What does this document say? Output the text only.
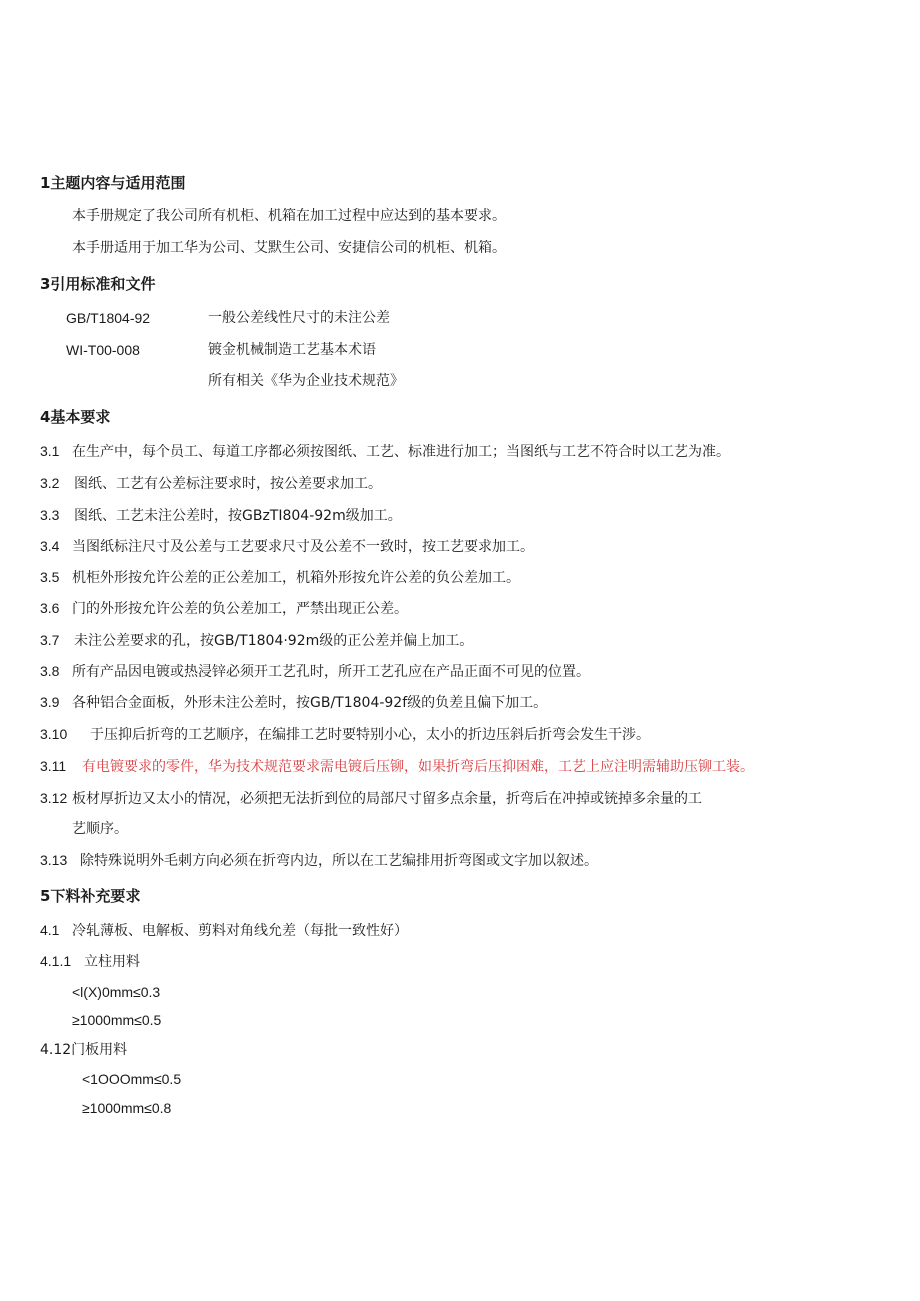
1主题内容与适用范围
本手册规定了我公司所有机柜、机箱在加工过程中应达到的基本要求。
本手册适用于加工华为公司、艾默生公司、安捷信公司的机柜、机箱。
3引用标准和文件
GB/T1804-92	一般公差线性尺寸的未注公差
WI-T00-008	镀金机械制造工艺基本术语
所有相关《华为企业技术规范》
4基本要求
3.1 在生产中，每个员工、每道工序都必须按图纸、工艺、标准进行加工；当图纸与工艺不符合时以工艺为准。
3.2 图纸、工艺有公差标注要求时，按公差要求加工。
3.3 图纸、工艺未注公差时，按GBzTI804-92m级加工。
3.4 当图纸标注尺寸及公差与工艺要求尺寸及公差不一致时，按工艺要求加工。
3.5 机柜外形按允许公差的正公差加工，机箱外形按允许公差的负公差加工。
3.6 门的外形按允许公差的负公差加工，严禁出现正公差。
3.7 未注公差要求的孔，按GB/T1804·92m级的正公差并偏上加工。
3.8 所有产品因电镀或热浸锌必须开工艺孔时，所开工艺孔应在产品正面不可见的位置。
3.9 各种铝合金面板，外形未注公差时，按GB/T1804-92f级的负差且偏下加工。
3.10 于压抑后折弯的工艺顺序，在编排工艺时要特别小心，太小的折边压斜后折弯会发生干涉。
3.11 有电镀要求的零件，华为技术规范要求需电镀后压铆，如果折弯后压抑困难，工艺上应注明需辅助压铆工装。
3.12 板材厚折边又太小的情况，必须把无法折到位的局部尺寸留多点余量，折弯后在冲掉或铳掉多余量的工
艺顺序。
3.13 除特殊说明外毛刺方向必须在折弯内边，所以在工艺编排用折弯图或文字加以叙述。
5下料补充要求
4.1 冷轧薄板、电解板、剪料对角线允差（每批一致性好）
4.1.1 立柱用料
<l(X)0mm≤0.3
≥1000mm≤0.5
4.12门板用料
<1OOOmm≤0.5
≥1000mm≤0.8
